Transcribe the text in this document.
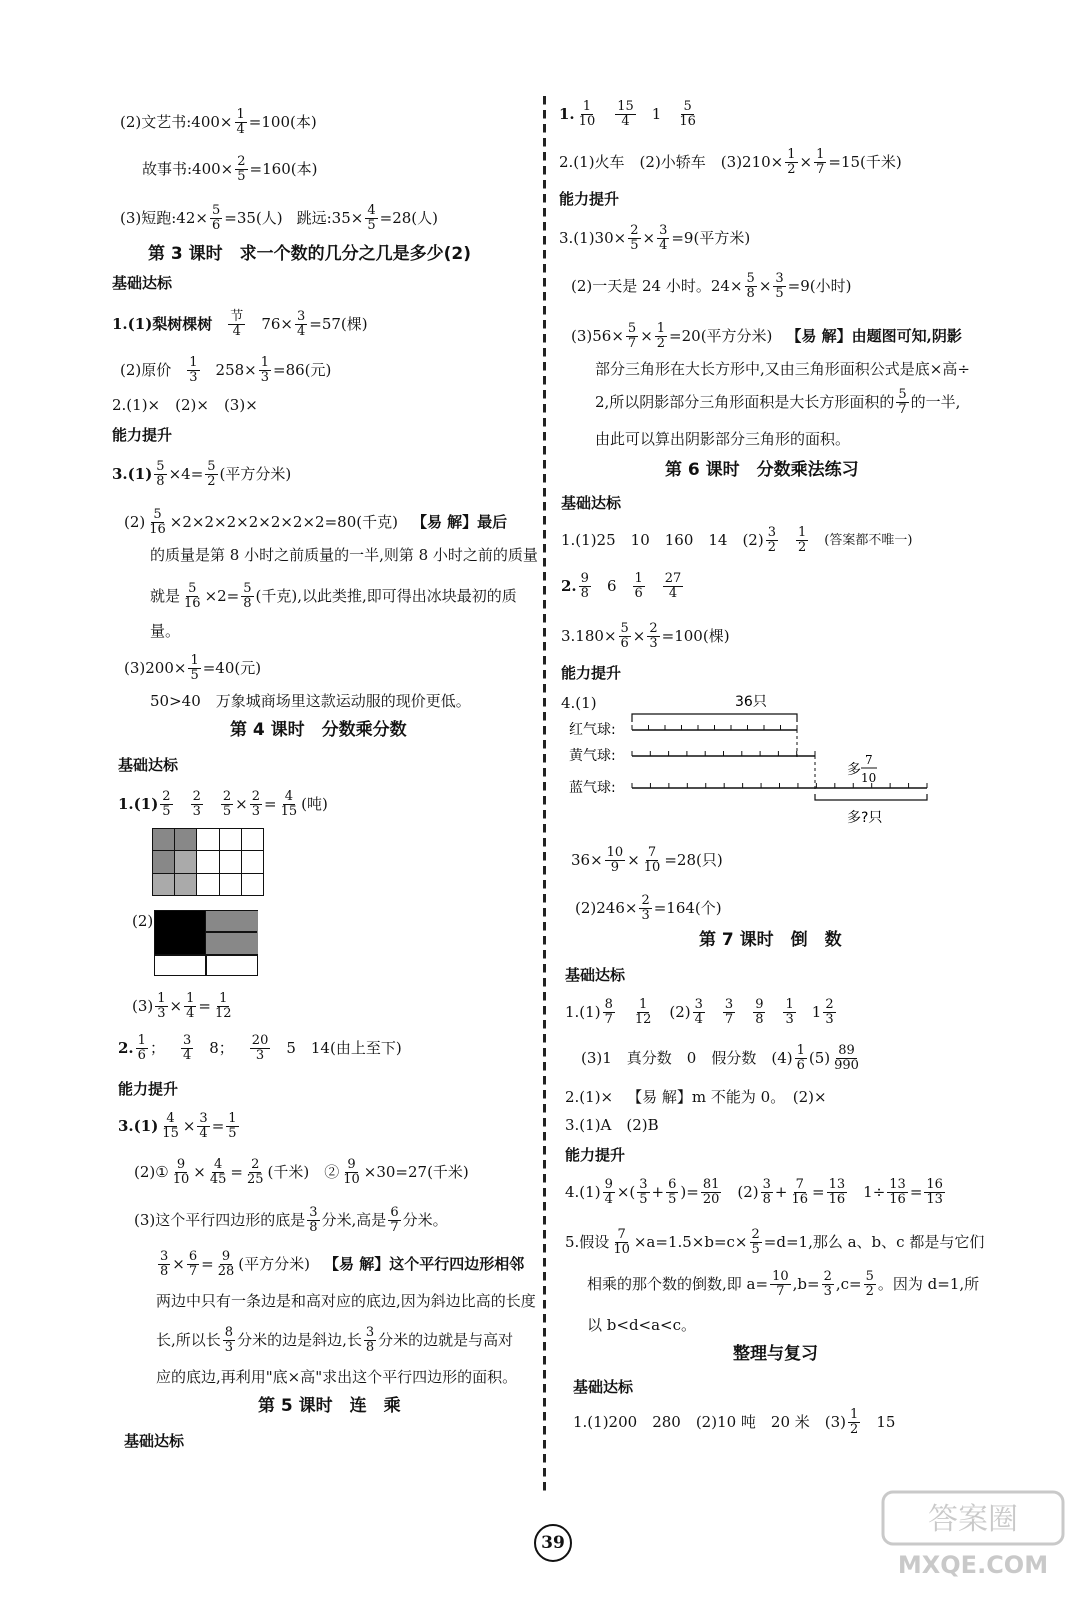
(2)文艺书:400× $\frac{1}{4} =100$(本)
故事书:400× $\frac{2}{5} =160$(本)
(3)短跑:42× $\frac{5}{6} =35$(人) 跳远:35× $\frac{4}{5} =28$(人)
第 3 课时　求一个数的几分之几是多少(2)
基础达标
1.(1)梨树棵树 节
4 $76\times \frac{3}{4} =57$(棵)
(2)原价 1
3 $258\times \frac{1}{3} =86$(元)
2.(1)×　(2)×　(3)×
能力提升
$3.(1) \frac{5}{8} \times 4= \frac{5}{2}$ (平方分米)
$(2) \frac{5}{16} \times 2\times 2\times 2\times 2\times 2\times 2\times 2=80$(千克) 【易 解】最后
的质量是第 8 小时之前质量的一半,则第 8 小时之前的质量
就是 $\frac{5}{16} \times 2= \frac{5}{8}$ (千克),以此类推,即可得出冰块最初的质
量。
$(3)200\times \frac{1}{5} =40$(元)
50>40　万象城商场里这款运动服的现价更低。
第 4 课时　分数乘分数
基础达标
1.(1) 2
5
2
$3 \frac{2}{5} \times \frac{2}{3} = \frac{4}{15}$ (吨)

(2)
$(3) \frac{1}{3} \times \frac{1}{4} = \frac{1}{12}$
2. 1
6 ； 3
4 8； 20
3 5　14(由上至下)
能力提升
$3.(1) \frac{4}{15} \times \frac{3}{4} = \frac{1}{5}$
(2)① $\frac{9}{10} \times \frac{4}{45} = \frac{2}{25}$ (千米)　② $\frac{9}{10} \times 30=27$(千米)
(3)这个平行四边形的底是 3
8 分米,高是 6
7 分米。
$\frac{3}{8} \times \frac{6}{7} = \frac{9}{28}$ (平方分米) 【易 解】这个平行四边形相邻
两边中只有一条边是和高对应的底边,因为斜边比高的长度
长,所以长 8
3 分米的边是斜边,长 3
8 分米的边就是与高对
应的底边,再利用"底×高"求出这个平行四边形的面积。
第 5 课时　连　乘
基础达标
1. 1
10
15
4 1 5
16
2.(1)火车　(2)小轿车　$(3)210\times \frac{1}{2} \times \frac{1}{7} =15$(千米)
能力提升
$3.(1)30\times \frac{2}{5} \times \frac{3}{4} =9$(平方米)
(2)一天是 24 小时。$24\times \frac{5}{8} \times \frac{3}{5} =9$(小时)
$(3)56\times \frac{5}{7} \times \frac{1}{2} =20$(平方分米) 【易 解】由题图可知,阴影
部分三角形在大长方形中,又由三角形面积公式是底×高÷
2,所以阴影部分三角形面积是大长方形面积的 5
7 的一半,
由此可以算出阴影部分三角形的面积。
第 6 课时　分数乘法练习
基础达标
1.(1)25　10　160　14　(2) 3
2
1
2 (答案都不唯一)
2. 9
8 6 1
6
27
4
$3.180\times \frac{5}{6} \times \frac{2}{3} =100$(棵)
能力提升
4.(1)	36只
红气球:
黄气球:
蓝气球:
多
7
10
多?只
$36\times \frac{10}{9} \times \frac{7}{10} =28$(只)
$(2)246\times \frac{2}{3} =164$(个)
第 7 课时　倒　数
基础达标
1.(1) 8
7
1
12 (2) 3
4
3
7
9
8
1
3 1 2
3
(3)1　真分数　0　假分数　(4) 1
6 (5) 89
990
2.(1)× 【易 解】m 不能为 0。　(2)×
3.(1)A　(2)B
能力提升
$4.(1) \frac{9}{4}$ ×( 3
$5 + \frac{6}{5}$ )= $\frac{81}{20} (2)$ 3
$8 + \frac{7}{16} = \frac{13}{16} 1\div \frac{13}{16} = \frac{16}{13}$
5.假设 $\frac{7}{10} \times a=1.5\times b=c\times \frac{2}{5} =d=1$,那么 a、b、c 都是与它们
相乘的那个数的倒数,即 $a= \frac{10}{7} ,b= \frac{2}{3} ,c= \frac{5}{2}$ 。因为 d=1,所
以 b<d<a<c。
整理与复习
基础达标
1.(1)200　280　(2)10 吨　20 米　(3) 1
2 15
39
答案圈
MXQE.COM
